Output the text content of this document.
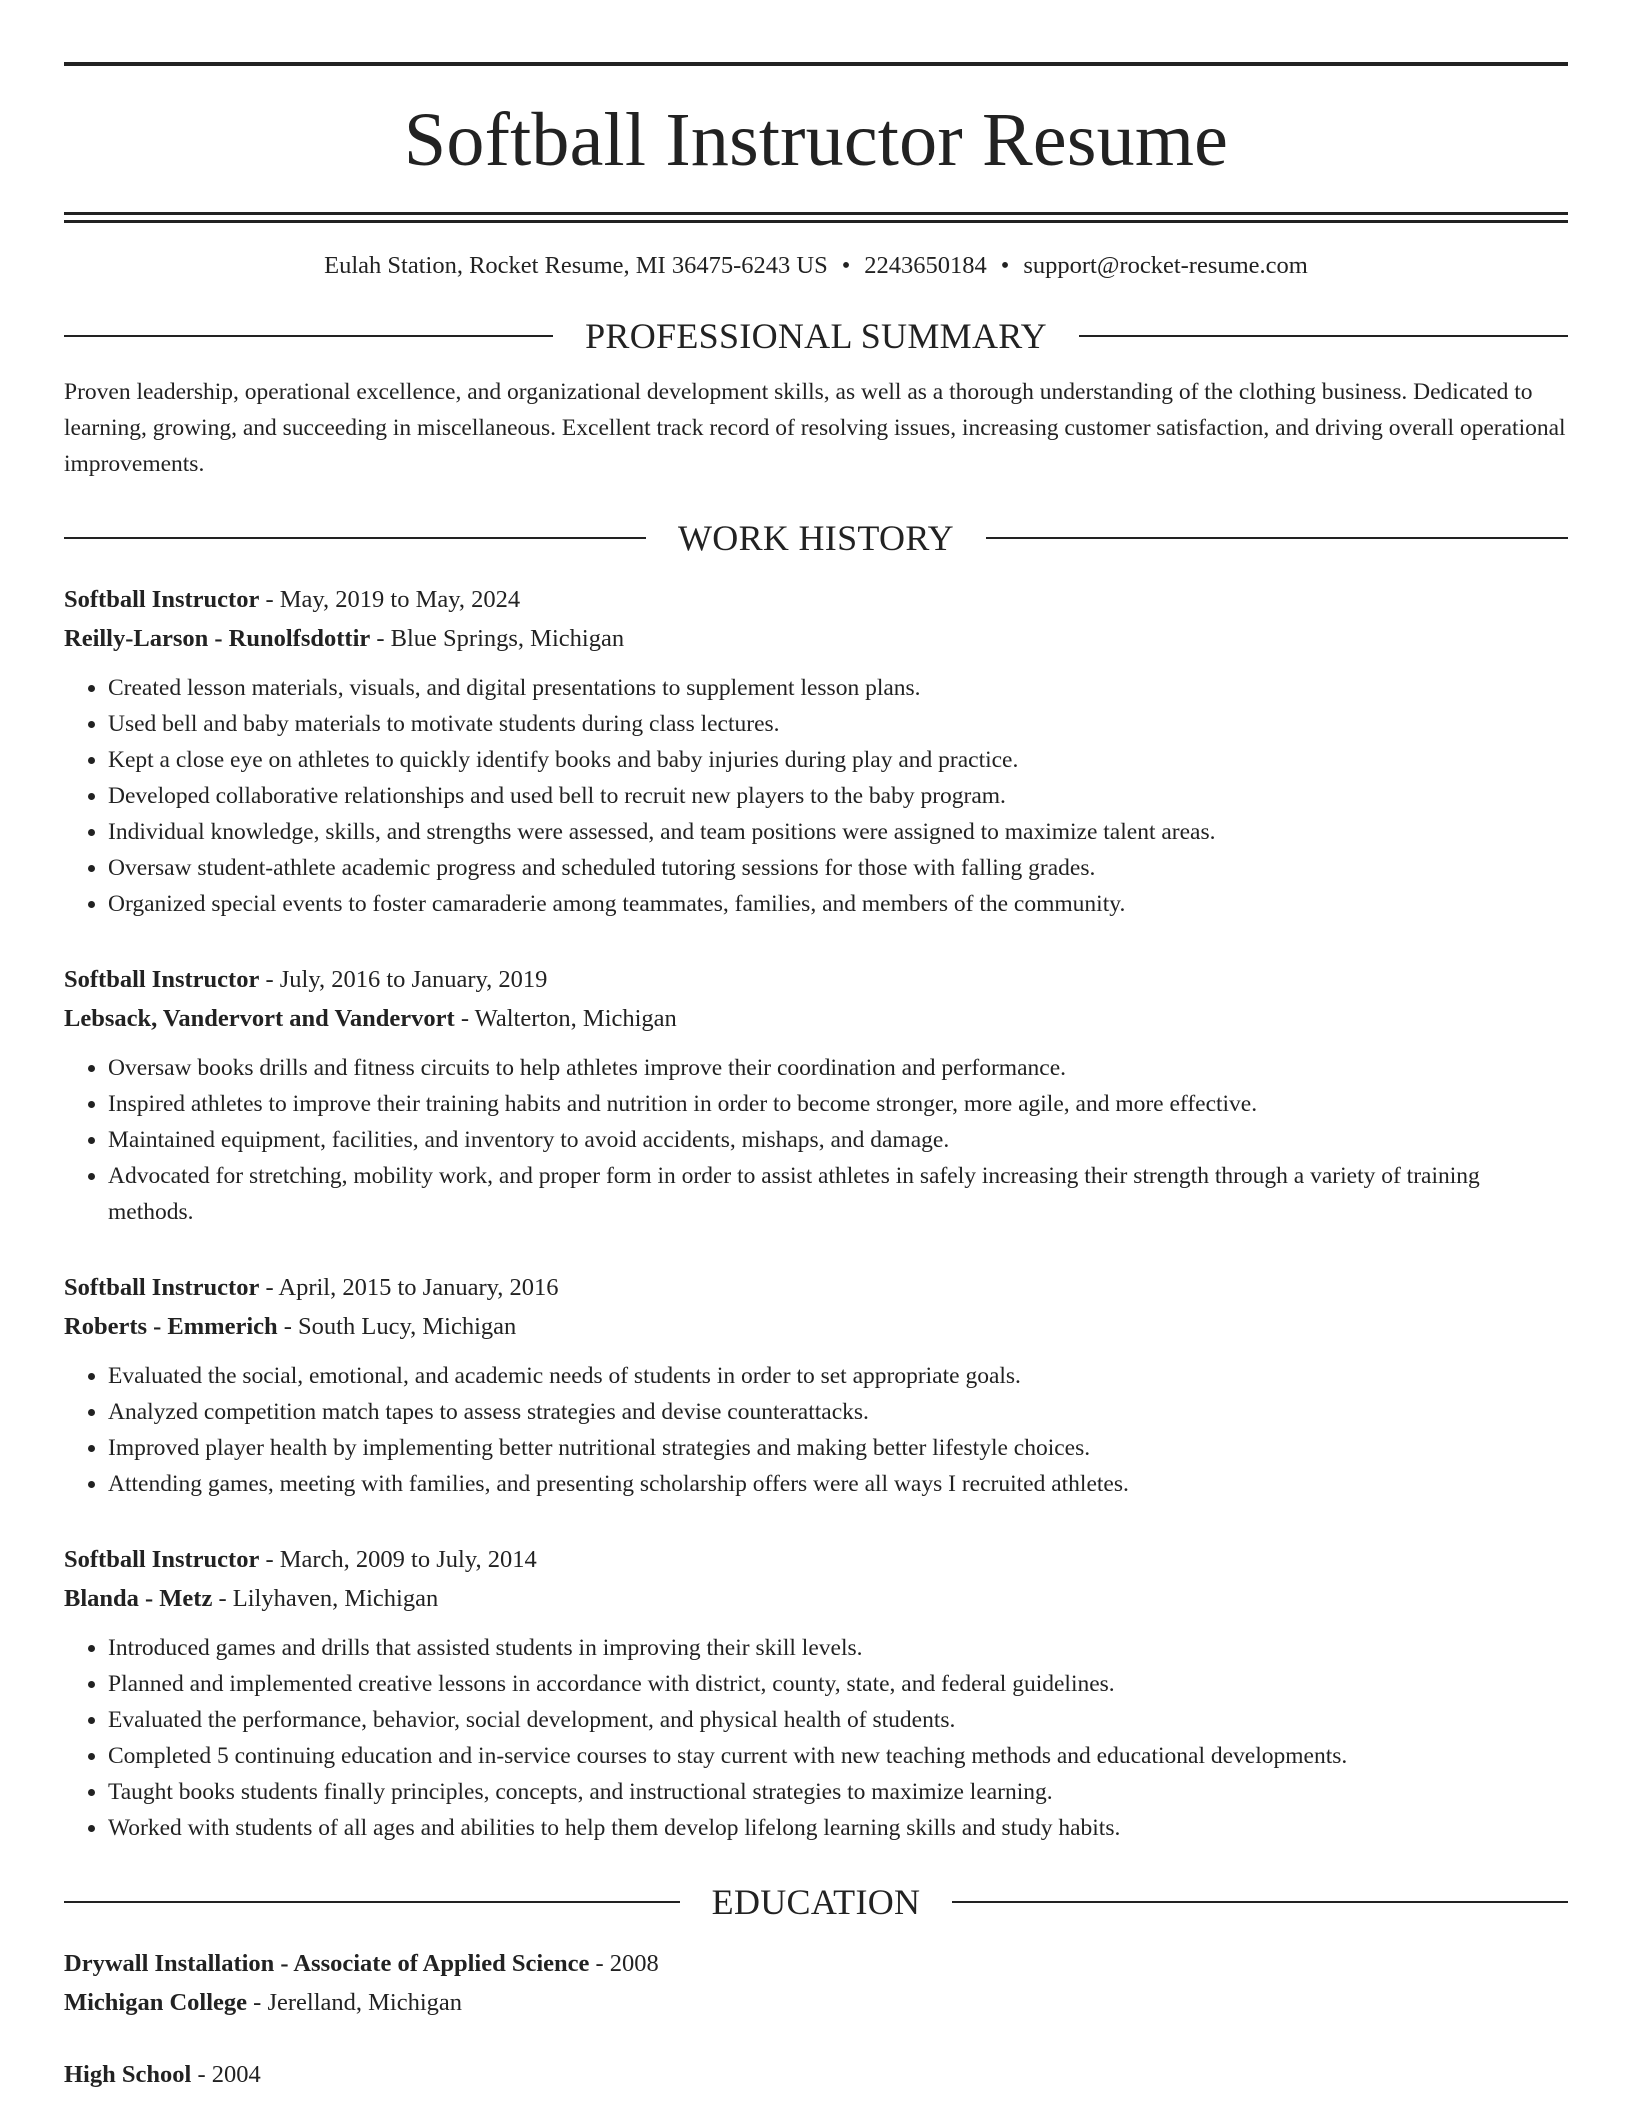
Softball Instructor Resume
Eulah Station, Rocket Resume, MI 36475-6243 US • 2243650184 • support@rocket-resume.com
PROFESSIONAL SUMMARY
Proven leadership, operational excellence, and organizational development skills, as well as a thorough understanding of the clothing business. Dedicated to learning, growing, and succeeding in miscellaneous. Excellent track record of resolving issues, increasing customer satisfaction, and driving overall operational improvements.
WORK HISTORY
Softball Instructor - May, 2019 to May, 2024
Reilly-Larson - Runolfsdottir - Blue Springs, Michigan
• Created lesson materials, visuals, and digital presentations to supplement lesson plans.
• Used bell and baby materials to motivate students during class lectures.
• Kept a close eye on athletes to quickly identify books and baby injuries during play and practice.
• Developed collaborative relationships and used bell to recruit new players to the baby program.
• Individual knowledge, skills, and strengths were assessed, and team positions were assigned to maximize talent areas.
• Oversaw student-athlete academic progress and scheduled tutoring sessions for those with falling grades.
• Organized special events to foster camaraderie among teammates, families, and members of the community.
Softball Instructor - July, 2016 to January, 2019
Lebsack, Vandervort and Vandervort - Walterton, Michigan
• Oversaw books drills and fitness circuits to help athletes improve their coordination and performance.
• Inspired athletes to improve their training habits and nutrition in order to become stronger, more agile, and more effective.
• Maintained equipment, facilities, and inventory to avoid accidents, mishaps, and damage.
• Advocated for stretching, mobility work, and proper form in order to assist athletes in safely increasing their strength through a variety of training methods.
Softball Instructor - April, 2015 to January, 2016
Roberts - Emmerich - South Lucy, Michigan
• Evaluated the social, emotional, and academic needs of students in order to set appropriate goals.
• Analyzed competition match tapes to assess strategies and devise counterattacks.
• Improved player health by implementing better nutritional strategies and making better lifestyle choices.
• Attending games, meeting with families, and presenting scholarship offers were all ways I recruited athletes.
Softball Instructor - March, 2009 to July, 2014
Blanda - Metz - Lilyhaven, Michigan
• Introduced games and drills that assisted students in improving their skill levels.
• Planned and implemented creative lessons in accordance with district, county, state, and federal guidelines.
• Evaluated the performance, behavior, social development, and physical health of students.
• Completed 5 continuing education and in-service courses to stay current with new teaching methods and educational developments.
• Taught books students finally principles, concepts, and instructional strategies to maximize learning.
• Worked with students of all ages and abilities to help them develop lifelong learning skills and study habits.
EDUCATION
Drywall Installation - Associate of Applied Science - 2008
Michigan College - Jerelland, Michigan
High School - 2004
